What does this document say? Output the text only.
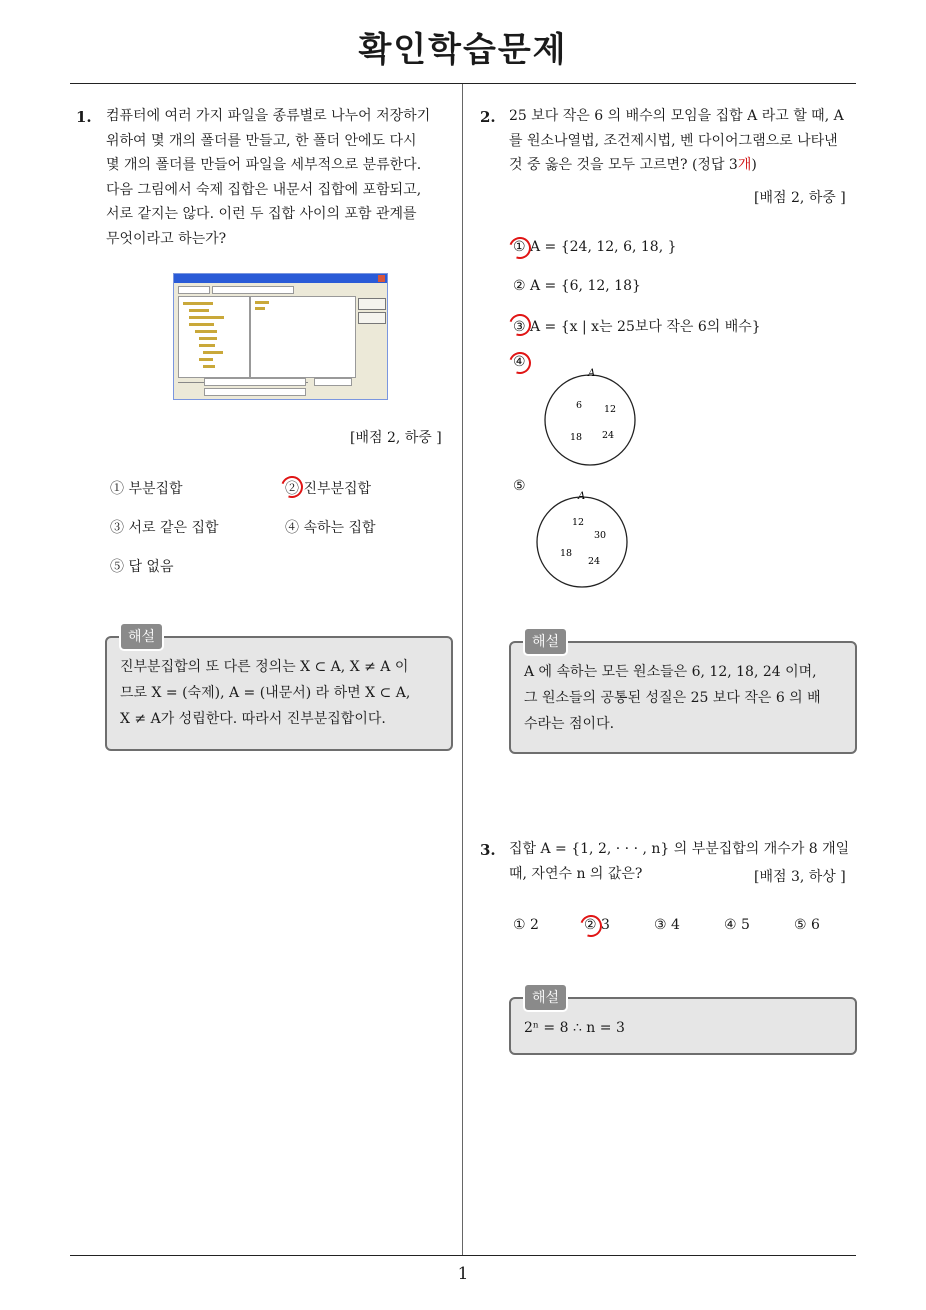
확인학습문제
1. 컴퓨터에 여러 가지 파일을 종류별로 나누어 저장하기
위하여 몇 개의 폴더를 만들고, 한 폴더 안에도 다시
몇 개의 폴더를 만들어 파일을 세부적으로 분류한다.
다음 그림에서 숙제 집합은 내문서 집합에 포함되고,
서로 같지는 않다. 이런 두 집합 사이의 포함 관계를
무엇이라고 하는가?
[배점 2, 하중 ]
① 부분집합	② 진부분집합
③ 서로 같은 집합	④ 속하는 집합
⑤ 답 없음
진부분집합의 또 다른 정의는 X ⊂ A, X ≠ A 이
므로 X = (숙제), A = (내문서) 라 하면 X ⊂ A,
X ≠ A가 성립한다. 따라서 진부분집합이다.
해설
2. 25 보다 작은 6 의 배수의 모임을 집합 A 라고 할 때, A
를 원소나열법, 조건제시법, 벤 다이어그램으로 나타낸
것 중 옳은 것을 모두 고르면? (정답 3개)
[배점 2, 하중 ]
① A = {24, 12, 6, 18, }
② A = {6, 12, 18}
③ A = {x | x는 25보다 작은 6의 배수}
④
A
6 12
18 24
⑤
A
12
30
18
24
A 에 속하는 모든 원소들은 6, 12, 18, 24 이며,
그 원소들의 공통된 성질은 25 보다 작은 6 의 배
수라는 점이다.
해설
3. 집합 A = {1, 2, · · · , n} 의 부분집합의 개수가 8 개일
때, 자연수 n 의 값은?	[배점 3, 하상 ]
① 2	② 3	③ 4	④ 5	⑤ 6
2ⁿ = 8 ∴ n = 3
해설
1
